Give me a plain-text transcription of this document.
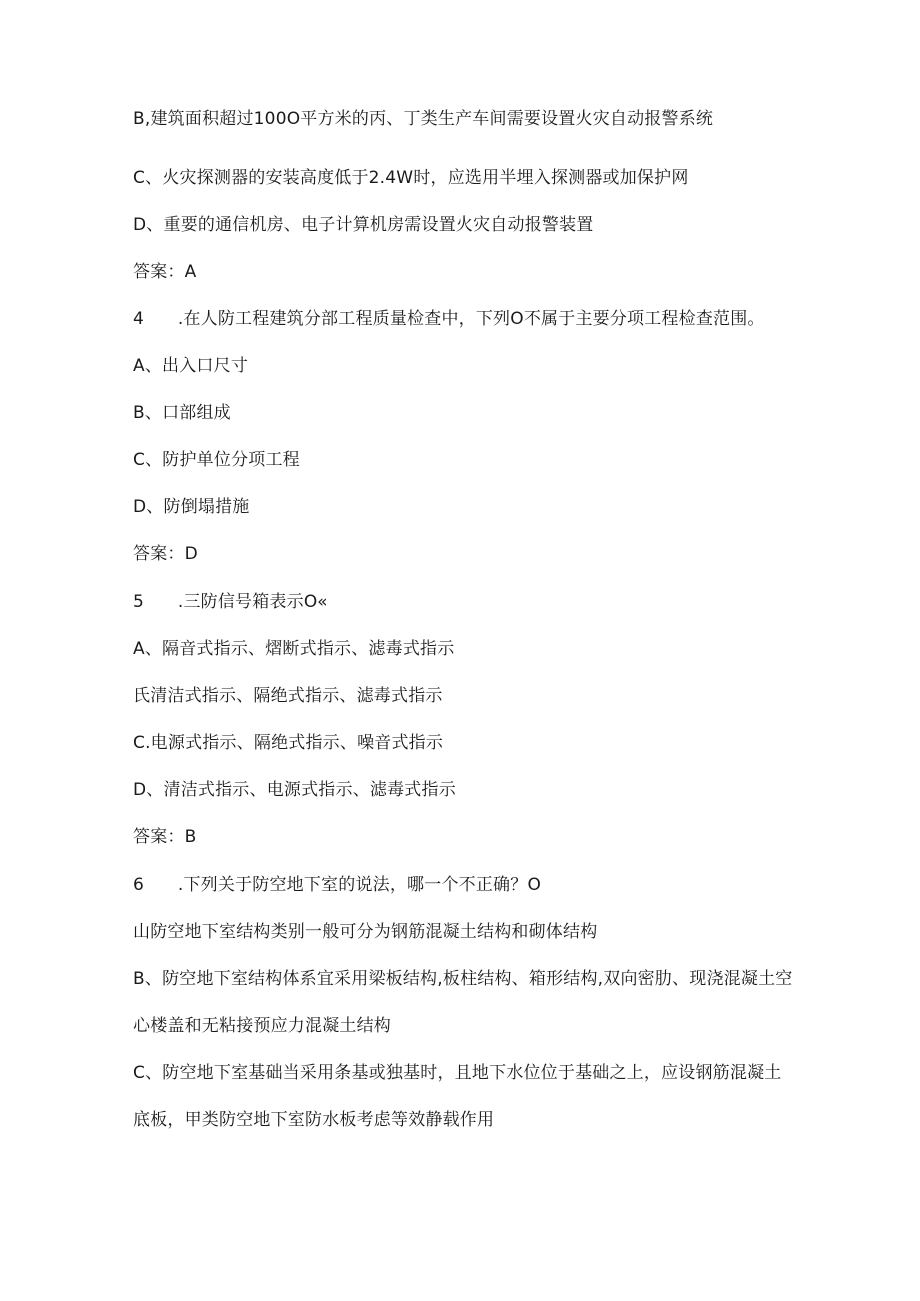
B,建筑面积超过100O平方米的丙、丁类生产车间需要设置火灾自动报警系统
C、火灾探测器的安装高度低于2.4W时，应选用半埋入探测器或加保护网
D、重要的通信机房、电子计算机房需设置火灾自动报警装置
答案：A
4	.在人防工程建筑分部工程质量检查中，下列O不属于主要分项工程检查范围。
A、出入口尺寸
B、口部组成
C、防护单位分项工程
D、防倒塌措施
答案：D
5	.三防信号箱表示O«
A、隔音式指示、熠断式指示、滤毒式指示
氏清洁式指示、隔绝式指示、滤毒式指示
C.电源式指示、隔绝式指示、噪音式指示
D、清洁式指示、电源式指示、滤毒式指示
答案：B
6	.下列关于防空地下室的说法，哪一个不正确？O
山防空地下室结构类别一般可分为钢筋混凝土结构和砌体结构
B、防空地下室结构体系宜采用梁板结构,板柱结构、箱形结构,双向密肋、现浇混凝土空
心楼盖和无粘接预应力混凝土结构
C、防空地下室基础当采用条基或独基时，且地下水位位于基础之上，应设钢筋混凝土
底板，甲类防空地下室防水板考虑等效静载作用
